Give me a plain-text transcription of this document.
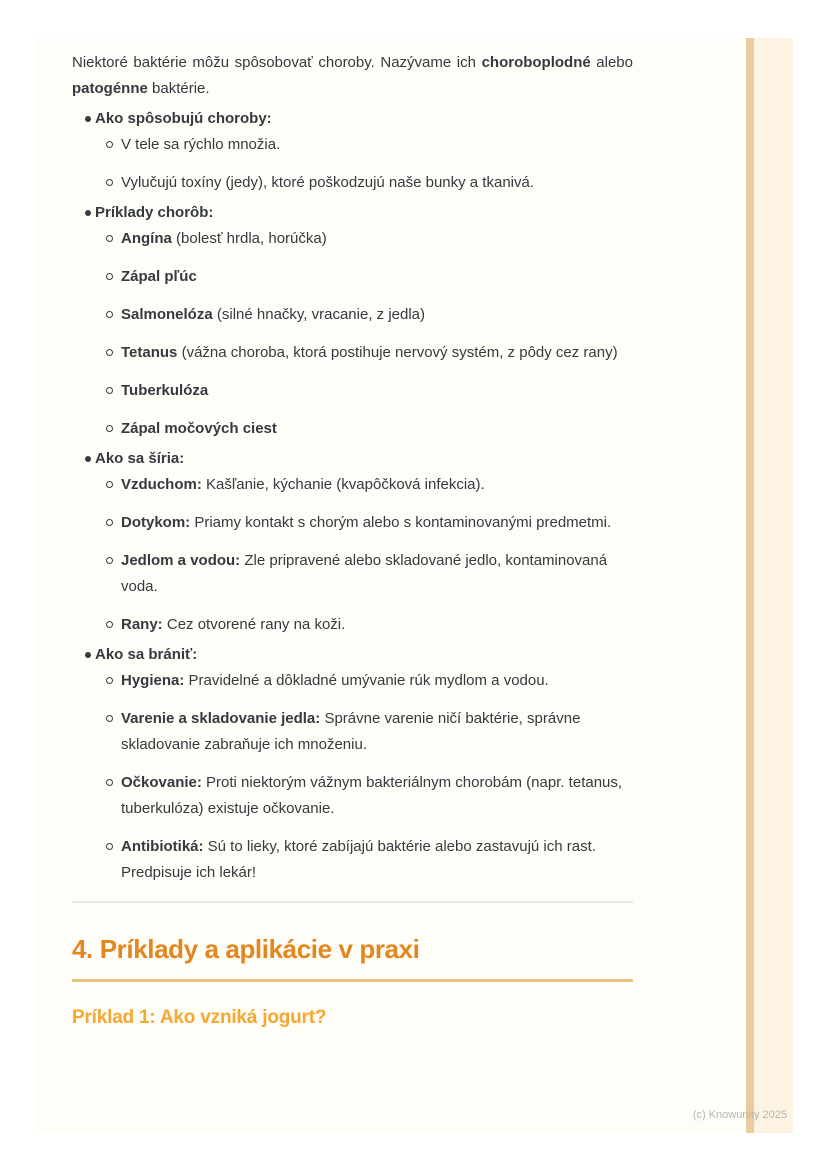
Niektoré baktérie môžu spôsobovať choroby. Nazývame ich choroboplodné alebo patogénne baktérie.

Ako spôsobujú choroby:
V tele sa rýchlo množia.
Vylučujú toxíny (jedy), ktoré poškodzujú naše bunky a tkanivá.
Príklady chorôb:
Angína (bolesť hrdla, horúčka)
Zápal pľúc
Salmonelóza (silné hnačky, vracanie, z jedla)
Tetanus (vážna choroba, ktorá postihuje nervový systém, z pôdy cez rany)
Tuberkulóza
Zápal močových ciest
Ako sa šíria:
Vzduchom: Kašľanie, kýchanie (kvapôčková infekcia).
Dotykom: Priamy kontakt s chorým alebo s kontaminovanými predmetmi.
Jedlom a vodou: Zle pripravené alebo skladované jedlo, kontaminovaná voda.
Rany: Cez otvorené rany na koži.
Ako sa brániť:
Hygiena: Pravidelné a dôkladné umývanie rúk mydlom a vodou.
Varenie a skladovanie jedla: Správne varenie ničí baktérie, správne skladovanie zabraňuje ich množeniu.
Očkovanie: Proti niektorým vážnym bakteriálnym chorobám (napr. tetanus, tuberkulóza) existuje očkovanie.
Antibiotiká: Sú to lieky, ktoré zabíjajú baktérie alebo zastavujú ich rast. Predpisuje ich lekár!
4. Príklady a aplikácie v praxi
Príklad 1: Ako vzniká jogurt?
(c) Knowunity 2025
